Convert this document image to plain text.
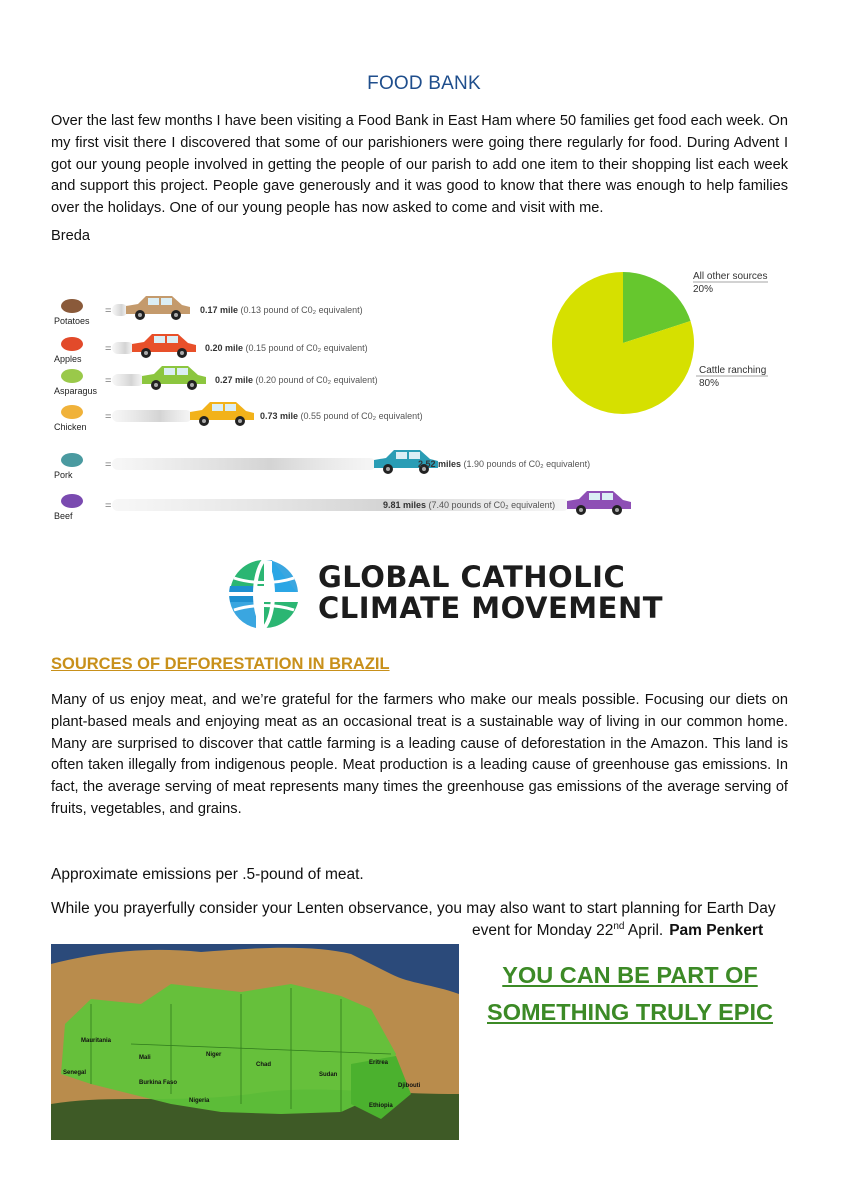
FOOD BANK

Over the last few months I have been visiting a Food Bank in East Ham where 50 families get food each week. On my first visit there I discovered that some of our parishioners were going there regularly for food. During Advent I got our young people involved in getting the people of our parish to add one item to their shopping list each week and support this project. People gave generously and it was good to know that there was enough to help families over the holidays. One of our young people has now asked to come and visit with me.

Breda
Potatoes
=	0.17 mile (0.13 pound of C0₂ equivalent)
Apples
=	0.20 mile (0.15 pound of C0₂ equivalent)
Asparagus
=	0.27 mile (0.20 pound of C0₂ equivalent)
Chicken
=	0.73 mile (0.55 pound of C0₂ equivalent)
Pork
=	2.52 miles (1.90 pounds of C0₂ equivalent)
Beef
=	9.81 miles (7.40 pounds of C0₂ equivalent)
All other sources
20%
Cattle ranching
80%
GLOBAL CATHOLIC
CLIMATE MOVEMENT
SOURCES OF DEFORESTATION IN BRAZIL

Many of us enjoy meat, and we’re grateful for the farmers who make our meals possible. Focusing our diets on plant-based meals and enjoying meat as an occasional treat is a sustainable way of living in our common home. Many are surprised to discover that cattle farming is a leading cause of deforestation in the Amazon. This land is often taken illegally from indigenous people. Meat production is a leading cause of greenhouse gas emissions. In fact, the average serving of meat represents many times the greenhouse gas emissions of the average serving of fruits, vegetables, and grains.

Approximate emissions per .5-pound of meat.
While you prayerfully consider your Lenten observance, you may also want to start planning for Earth Day
event for Monday 22nd April. Pam Penkert
Mauritania
Mali	Niger
Chad
Sudan
Eritrea
Djibouti
Senegal
Burkina Faso
Nigeria
Ethiopia
YOU CAN BE PART OF
SOMETHING TRULY EPIC
